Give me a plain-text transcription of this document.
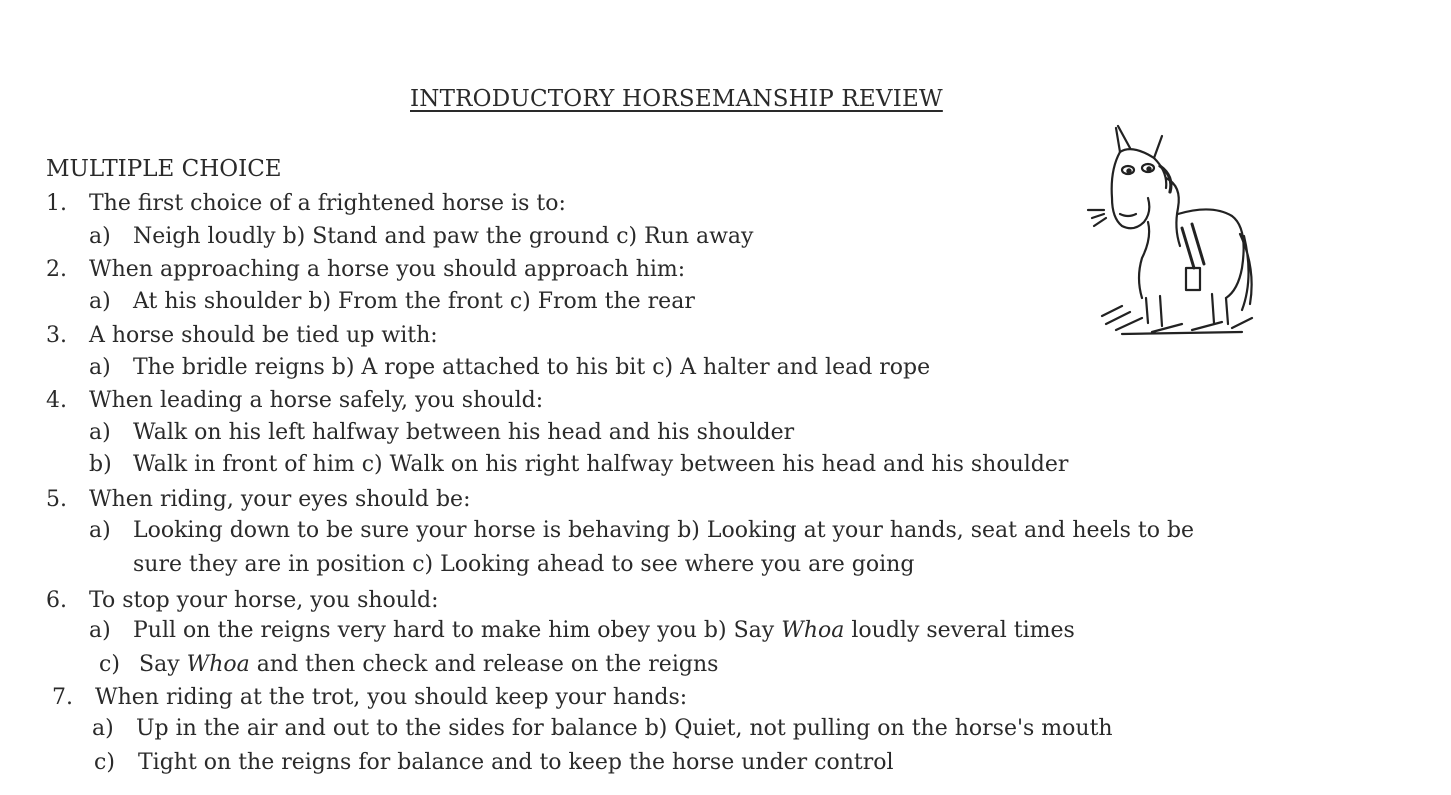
INTRODUCTORY HORSEMANSHIP REVIEW
MULTIPLE CHOICE
1. The first choice of a frightened horse is to:
a) Neigh loudly b) Stand and paw the ground c) Run away
2. When approaching a horse you should approach him:
a) At his shoulder b) From the front c) From the rear
3. A horse should be tied up with:
a) The bridle reigns b) A rope attached to his bit c) A halter and lead rope
4. When leading a horse safely, you should:
a) Walk on his left halfway between his head and his shoulder
b) Walk in front of him c) Walk on his right halfway between his head and his shoulder
5. When riding, your eyes should be:
a) Looking down to be sure your horse is behaving b) Looking at your hands, seat and heels to be
sure they are in position c) Looking ahead to see where you are going
6. To stop your horse, you should:
a) Pull on the reigns very hard to make him obey you b) Say Whoa loudly several times
c) Say Whoa and then check and release on the reigns
7. When riding at the trot, you should keep your hands:
a) Up in the air and out to the sides for balance b) Quiet, not pulling on the horse's mouth
c) Tight on the reigns for balance and to keep the horse under control
